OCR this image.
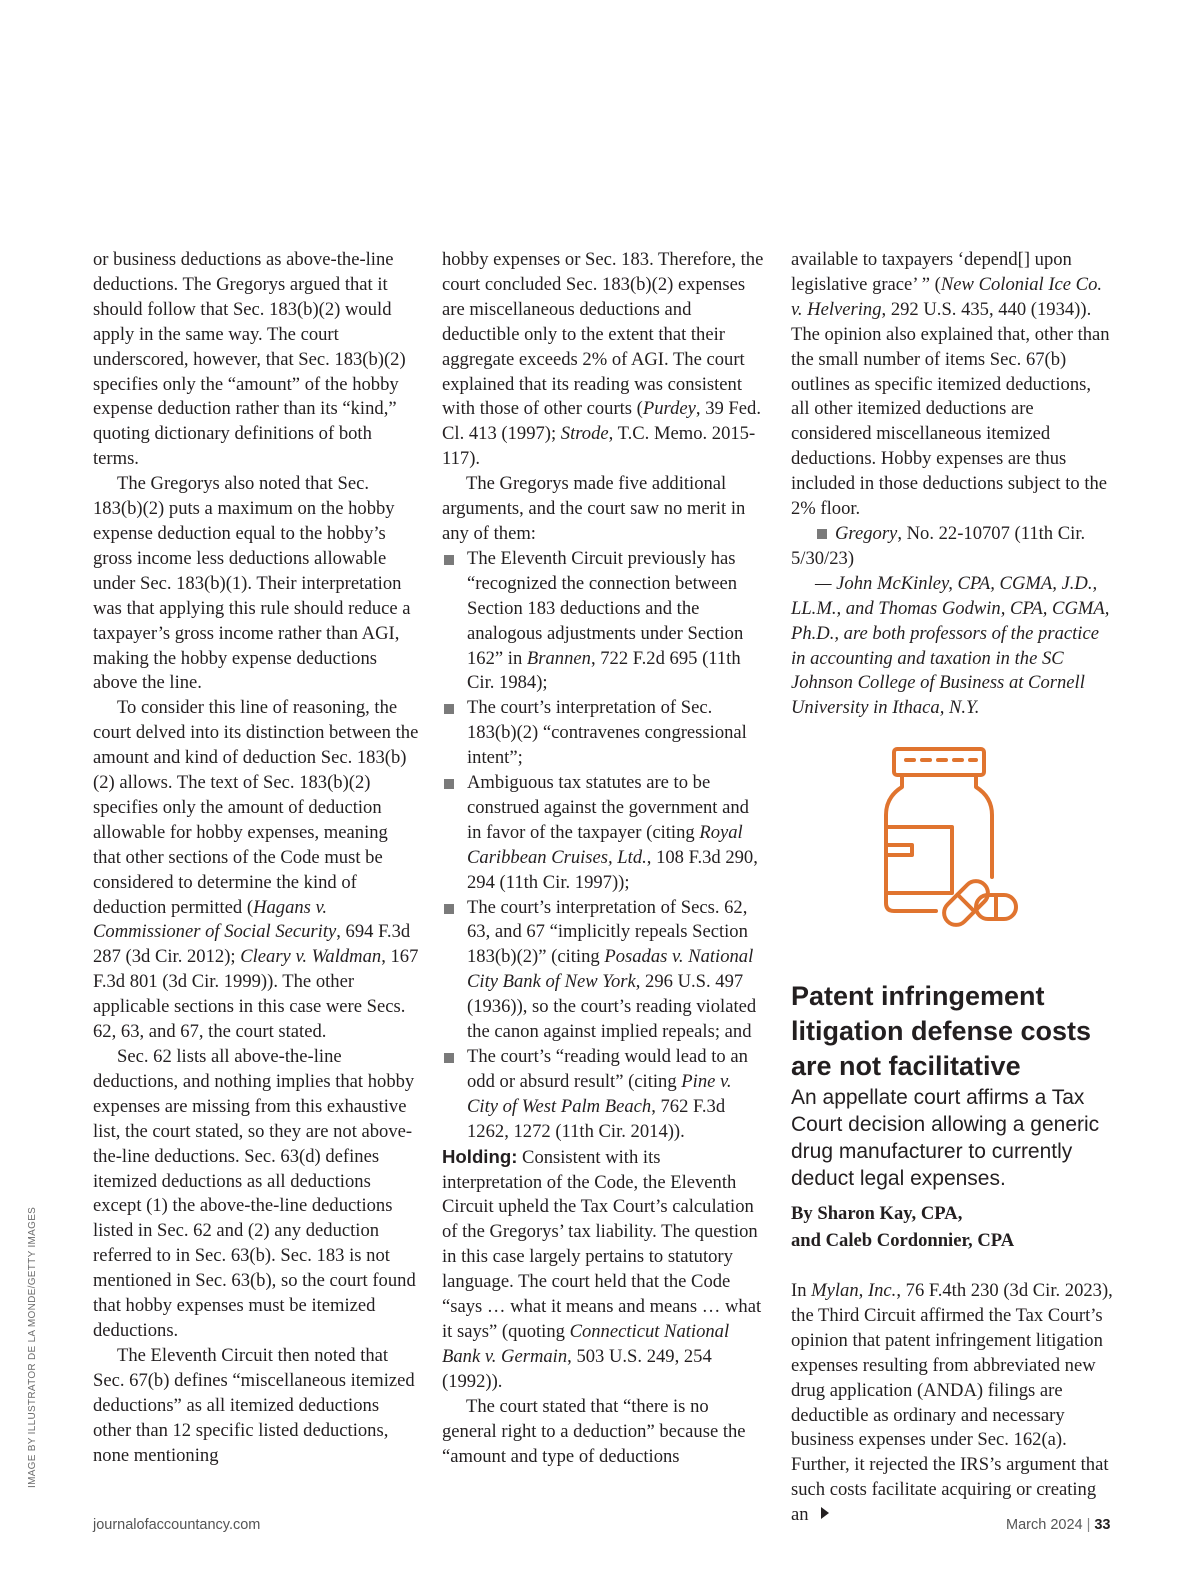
or business deductions as above-the-line deductions. The Gregorys argued that it should follow that Sec. 183(b)(2) would apply in the same way. The court underscored, however, that Sec. 183(b)(2) specifies only the “amount” of the hobby expense deduction rather than its “kind,” quoting dictionary definitions of both terms.

The Gregorys also noted that Sec. 183(b)(2) puts a maximum on the hobby expense deduction equal to the hobby’s gross income less deductions allowable under Sec. 183(b)(1). Their interpretation was that applying this rule should reduce a taxpayer’s gross income rather than AGI, making the hobby expense deductions above the line.

To consider this line of reasoning, the court delved into its distinction between the amount and kind of deduction Sec. 183(b)(2) allows. The text of Sec. 183(b)(2) specifies only the amount of deduction allowable for hobby expenses, meaning that other sections of the Code must be considered to determine the kind of deduction permitted (Hagans v. Commissioner of Social Security, 694 F.3d 287 (3d Cir. 2012); Cleary v. Waldman, 167 F.3d 801 (3d Cir. 1999)). The other applicable sections in this case were Secs. 62, 63, and 67, the court stated.

Sec. 62 lists all above-the-line deductions, and nothing implies that hobby expenses are missing from this exhaustive list, the court stated, so they are not above-the-line deductions. Sec. 63(d) defines itemized deductions as all deductions except (1) the above-the-line deductions listed in Sec. 62 and (2) any deduction referred to in Sec. 63(b). Sec. 183 is not mentioned in Sec. 63(b), so the court found that hobby expenses must be itemized deductions.

The Eleventh Circuit then noted that Sec. 67(b) defines “miscellaneous itemized deductions” as all itemized deductions other than 12 specific listed deductions, none mentioning

hobby expenses or Sec. 183. Therefore, the court concluded Sec. 183(b)(2) expenses are miscellaneous deductions and deductible only to the extent that their aggregate exceeds 2% of AGI. The court explained that its reading was consistent with those of other courts (Purdey, 39 Fed. Cl. 413 (1997); Strode, T.C. Memo. 2015-117).

The Gregorys made five additional arguments, and the court saw no merit in any of them:

The Eleventh Circuit previously has “recognized the connection between Section 183 deductions and the analogous adjustments under Section 162” in Brannen, 722 F.2d 695 (11th Cir. 1984);
The court’s interpretation of Sec. 183(b)(2) “contravenes congressional intent”;
Ambiguous tax statutes are to be construed against the government and in favor of the taxpayer (citing Royal Caribbean Cruises, Ltd., 108 F.3d 290, 294 (11th Cir. 1997));
The court’s interpretation of Secs. 62, 63, and 67 “implicitly repeals Section 183(b)(2)” (citing Posadas v. National City Bank of New York, 296 U.S. 497 (1936)), so the court’s reading violated the canon against implied repeals; and
The court’s “reading would lead to an odd or absurd result” (citing Pine v. City of West Palm Beach, 762 F.3d 1262, 1272 (11th Cir. 2014)).

Holding: Consistent with its interpretation of the Code, the Eleventh Circuit upheld the Tax Court’s calculation of the Gregorys’ tax liability. The question in this case largely pertains to statutory language. The court held that the Code “says … what it means and means … what it says” (quoting Connecticut National Bank v. Germain, 503 U.S. 249, 254 (1992)).

The court stated that “there is no general right to a deduction” because the “amount and type of deductions

available to taxpayers ‘depend[] upon legislative grace’ ” (New Colonial Ice Co. v. Helvering, 292 U.S. 435, 440 (1934)). The opinion also explained that, other than the small number of items Sec. 67(b) outlines as specific itemized deductions, all other itemized deductions are considered miscellaneous itemized deductions. Hobby expenses are thus included in those deductions subject to the 2% floor.

Gregory, No. 22-10707 (11th Cir. 5/30/23)

— John McKinley, CPA, CGMA, J.D., LL.M., and Thomas Godwin, CPA, CGMA, Ph.D., are both professors of the practice in accounting and taxation in the SC Johnson College of Business at Cornell University in Ithaca, N.Y.

Patent infringement litigation defense costs are not facilitative

An appellate court affirms a Tax Court decision allowing a generic drug manufacturer to currently deduct legal expenses.

By Sharon Kay, CPA,

and Caleb Cordonnier, CPA

In Mylan, Inc., 76 F.4th 230 (3d Cir. 2023), the Third Circuit affirmed the Tax Court’s opinion that patent infringement litigation expenses resulting from abbreviated new drug application (ANDA) filings are deductible as ordinary and necessary business expenses under Sec. 162(a). Further, it rejected the IRS’s argument that such costs facilitate acquiring or creating an

IMAGE BY ILLUSTRATOR DE LA MONDE/GETTY IMAGES
journalofaccountancy.com	March 2024 | 33
